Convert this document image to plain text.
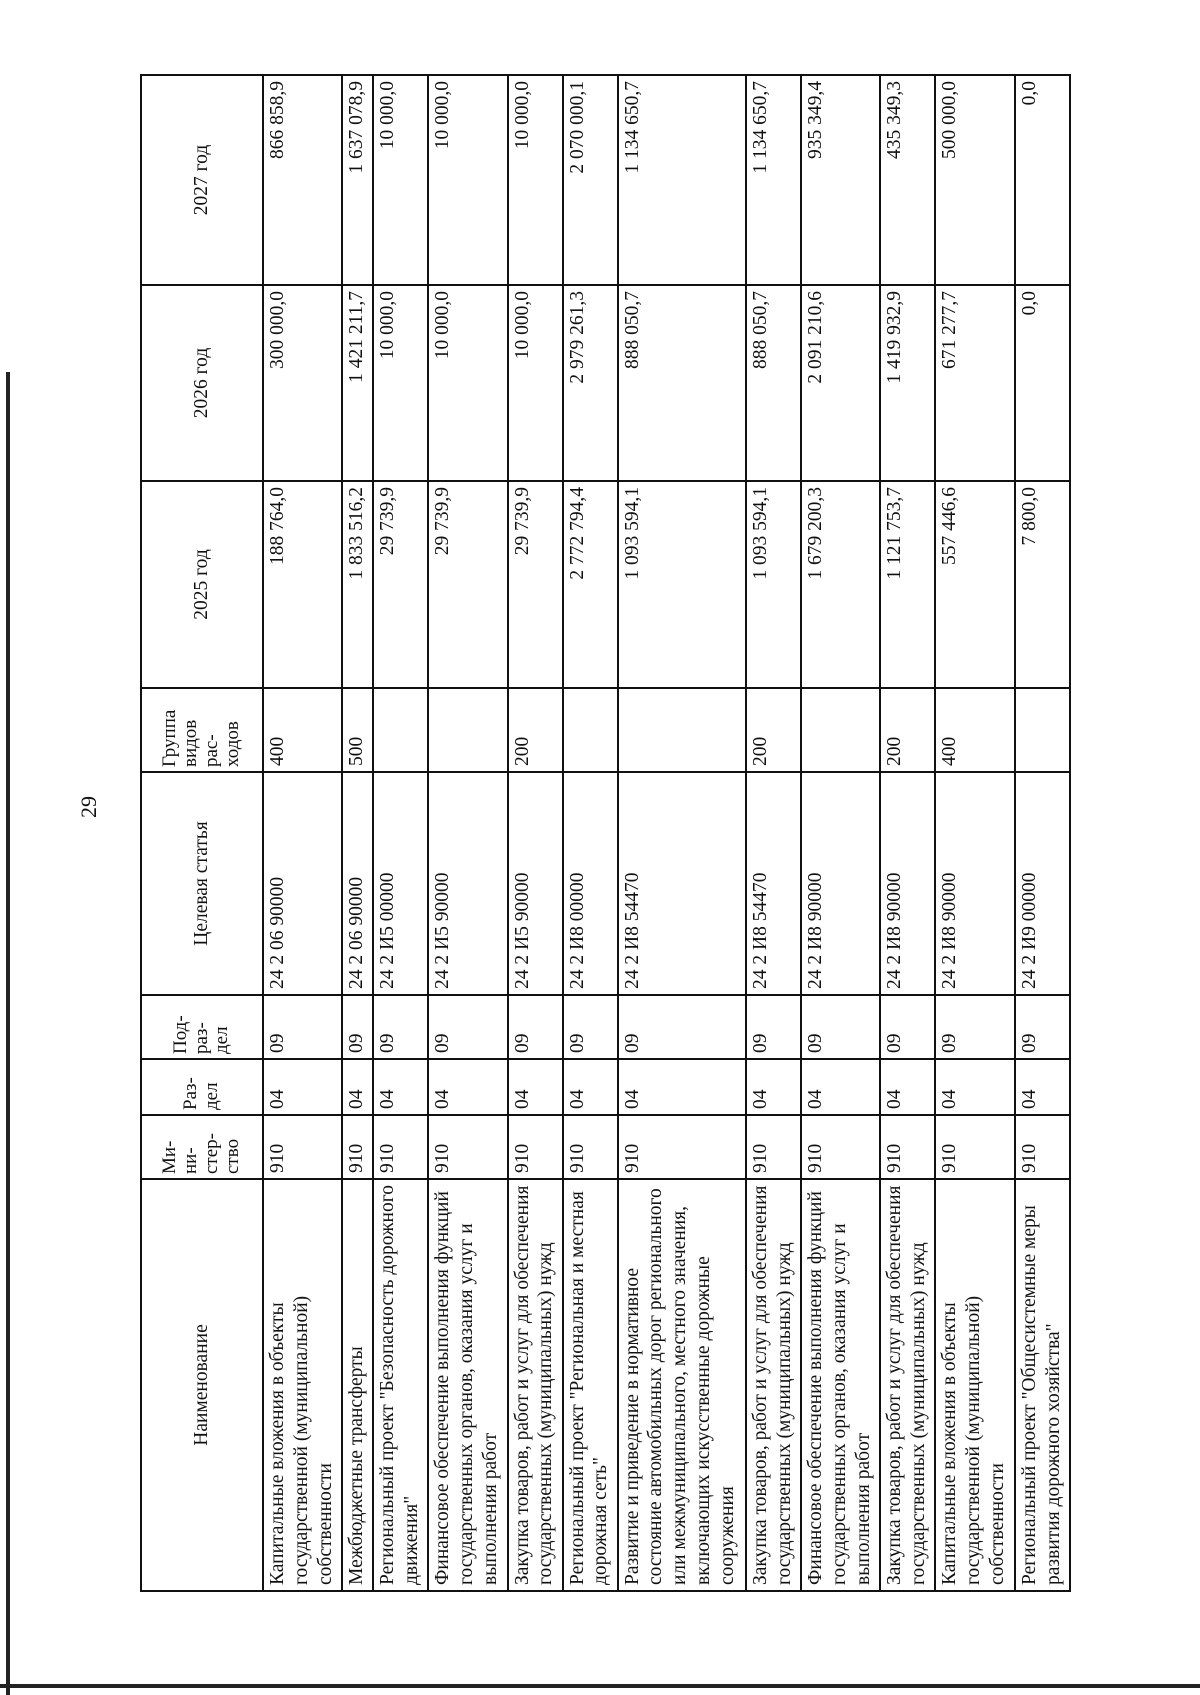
29
Наименование	Ми-
ни-
стер-
ство	Раз-
дел	Под-
раз-
дел	Целевая статья	Группа
видов
рас-
ходов	2025 год	2026 год	2027 год
Капитальные вложения в объекты государственной (муниципальной) собственности	910	04	09	24 2 06 90000	400	188 764,0	300 000,0	866 858,9
Межбюджетные трансферты	910	04	09	24 2 06 90000	500	1 833 516,2	1 421 211,7	1 637 078,9
Региональный проект "Безопасность дорожного движения"	910	04	09	24 2 И5 00000		29 739,9	10 000,0	10 000,0
Финансовое обеспечение выполнения функций государственных органов, оказания услуг и выполнения работ	910	04	09	24 2 И5 90000		29 739,9	10 000,0	10 000,0
Закупка товаров, работ и услуг для обеспечения государственных (муниципальных) нужд	910	04	09	24 2 И5 90000	200	29 739,9	10 000,0	10 000,0
Региональный проект "Региональная и местная дорожная сеть"	910	04	09	24 2 И8 00000		2 772 794,4	2 979 261,3	2 070 000,1
Развитие и приведение в нормативное состояние автомобильных дорог регионального или межмуниципального, местного значения, включающих искусственные дорожные сооружения	910	04	09	24 2 И8 54470		1 093 594,1	888 050,7	1 134 650,7
Закупка товаров, работ и услуг для обеспечения государственных (муниципальных) нужд	910	04	09	24 2 И8 54470	200	1 093 594,1	888 050,7	1 134 650,7
Финансовое обеспечение выполнения функций государственных органов, оказания услуг и выполнения работ	910	04	09	24 2 И8 90000		1 679 200,3	2 091 210,6	935 349,4
Закупка товаров, работ и услуг для обеспечения государственных (муниципальных) нужд	910	04	09	24 2 И8 90000	200	1 121 753,7	1 419 932,9	435 349,3
Капитальные вложения в объекты государственной (муниципальной) собственности	910	04	09	24 2 И8 90000	400	557 446,6	671 277,7	500 000,0
Региональный проект "Общесистемные меры развития дорожного хозяйства"	910	04	09	24 2 И9 00000		7 800,0	0,0	0,0
